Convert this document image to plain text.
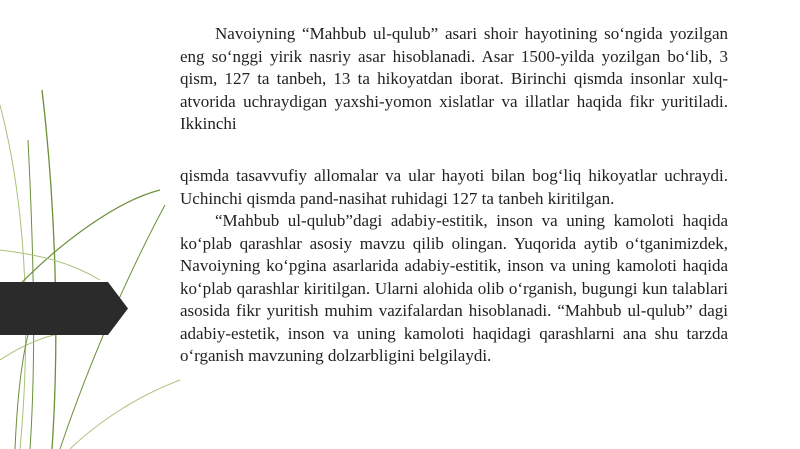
Navoiyning “Mahbub ul-qulub” asari shoir hayotining so‘ngida yozilgan eng so‘nggi yirik nasriy asar hisoblanadi. Asar 1500-yilda yozilgan bo‘lib, 3 qism, 127 ta tanbeh, 13 ta hikoyatdan iborat. Birinchi qismda insonlar xulq- atvorida uchraydigan yaxshi-yomon xislatlar va illatlar haqida fikr yuritiladi. Ikkinchi

qismda tasavvufiy allomalar va ular hayoti bilan bog‘liq hikoyatlar uchraydi. Uchinchi qismda pand-nasihat ruhidagi 127 ta tanbeh kiritilgan.

“Mahbub ul-qulub”dagi adabiy-estitik, inson va uning kamoloti haqida ko‘plab qarashlar asosiy mavzu qilib olingan. Yuqorida aytib o‘tganimizdek, Navoiyning ko‘pgina asarlarida adabiy-estitik, inson va uning kamoloti haqida ko‘plab qarashlar kiritilgan. Ularni alohida olib o‘rganish, bugungi kun talablari asosida fikr yuritish muhim vazifalardan hisoblanadi. “Mahbub ul-qulub” dagi adabiy-estetik, inson va uning kamoloti haqidagi qarashlarni ana shu tarzda o‘rganish mavzuning dolzarbligini belgilaydi.
